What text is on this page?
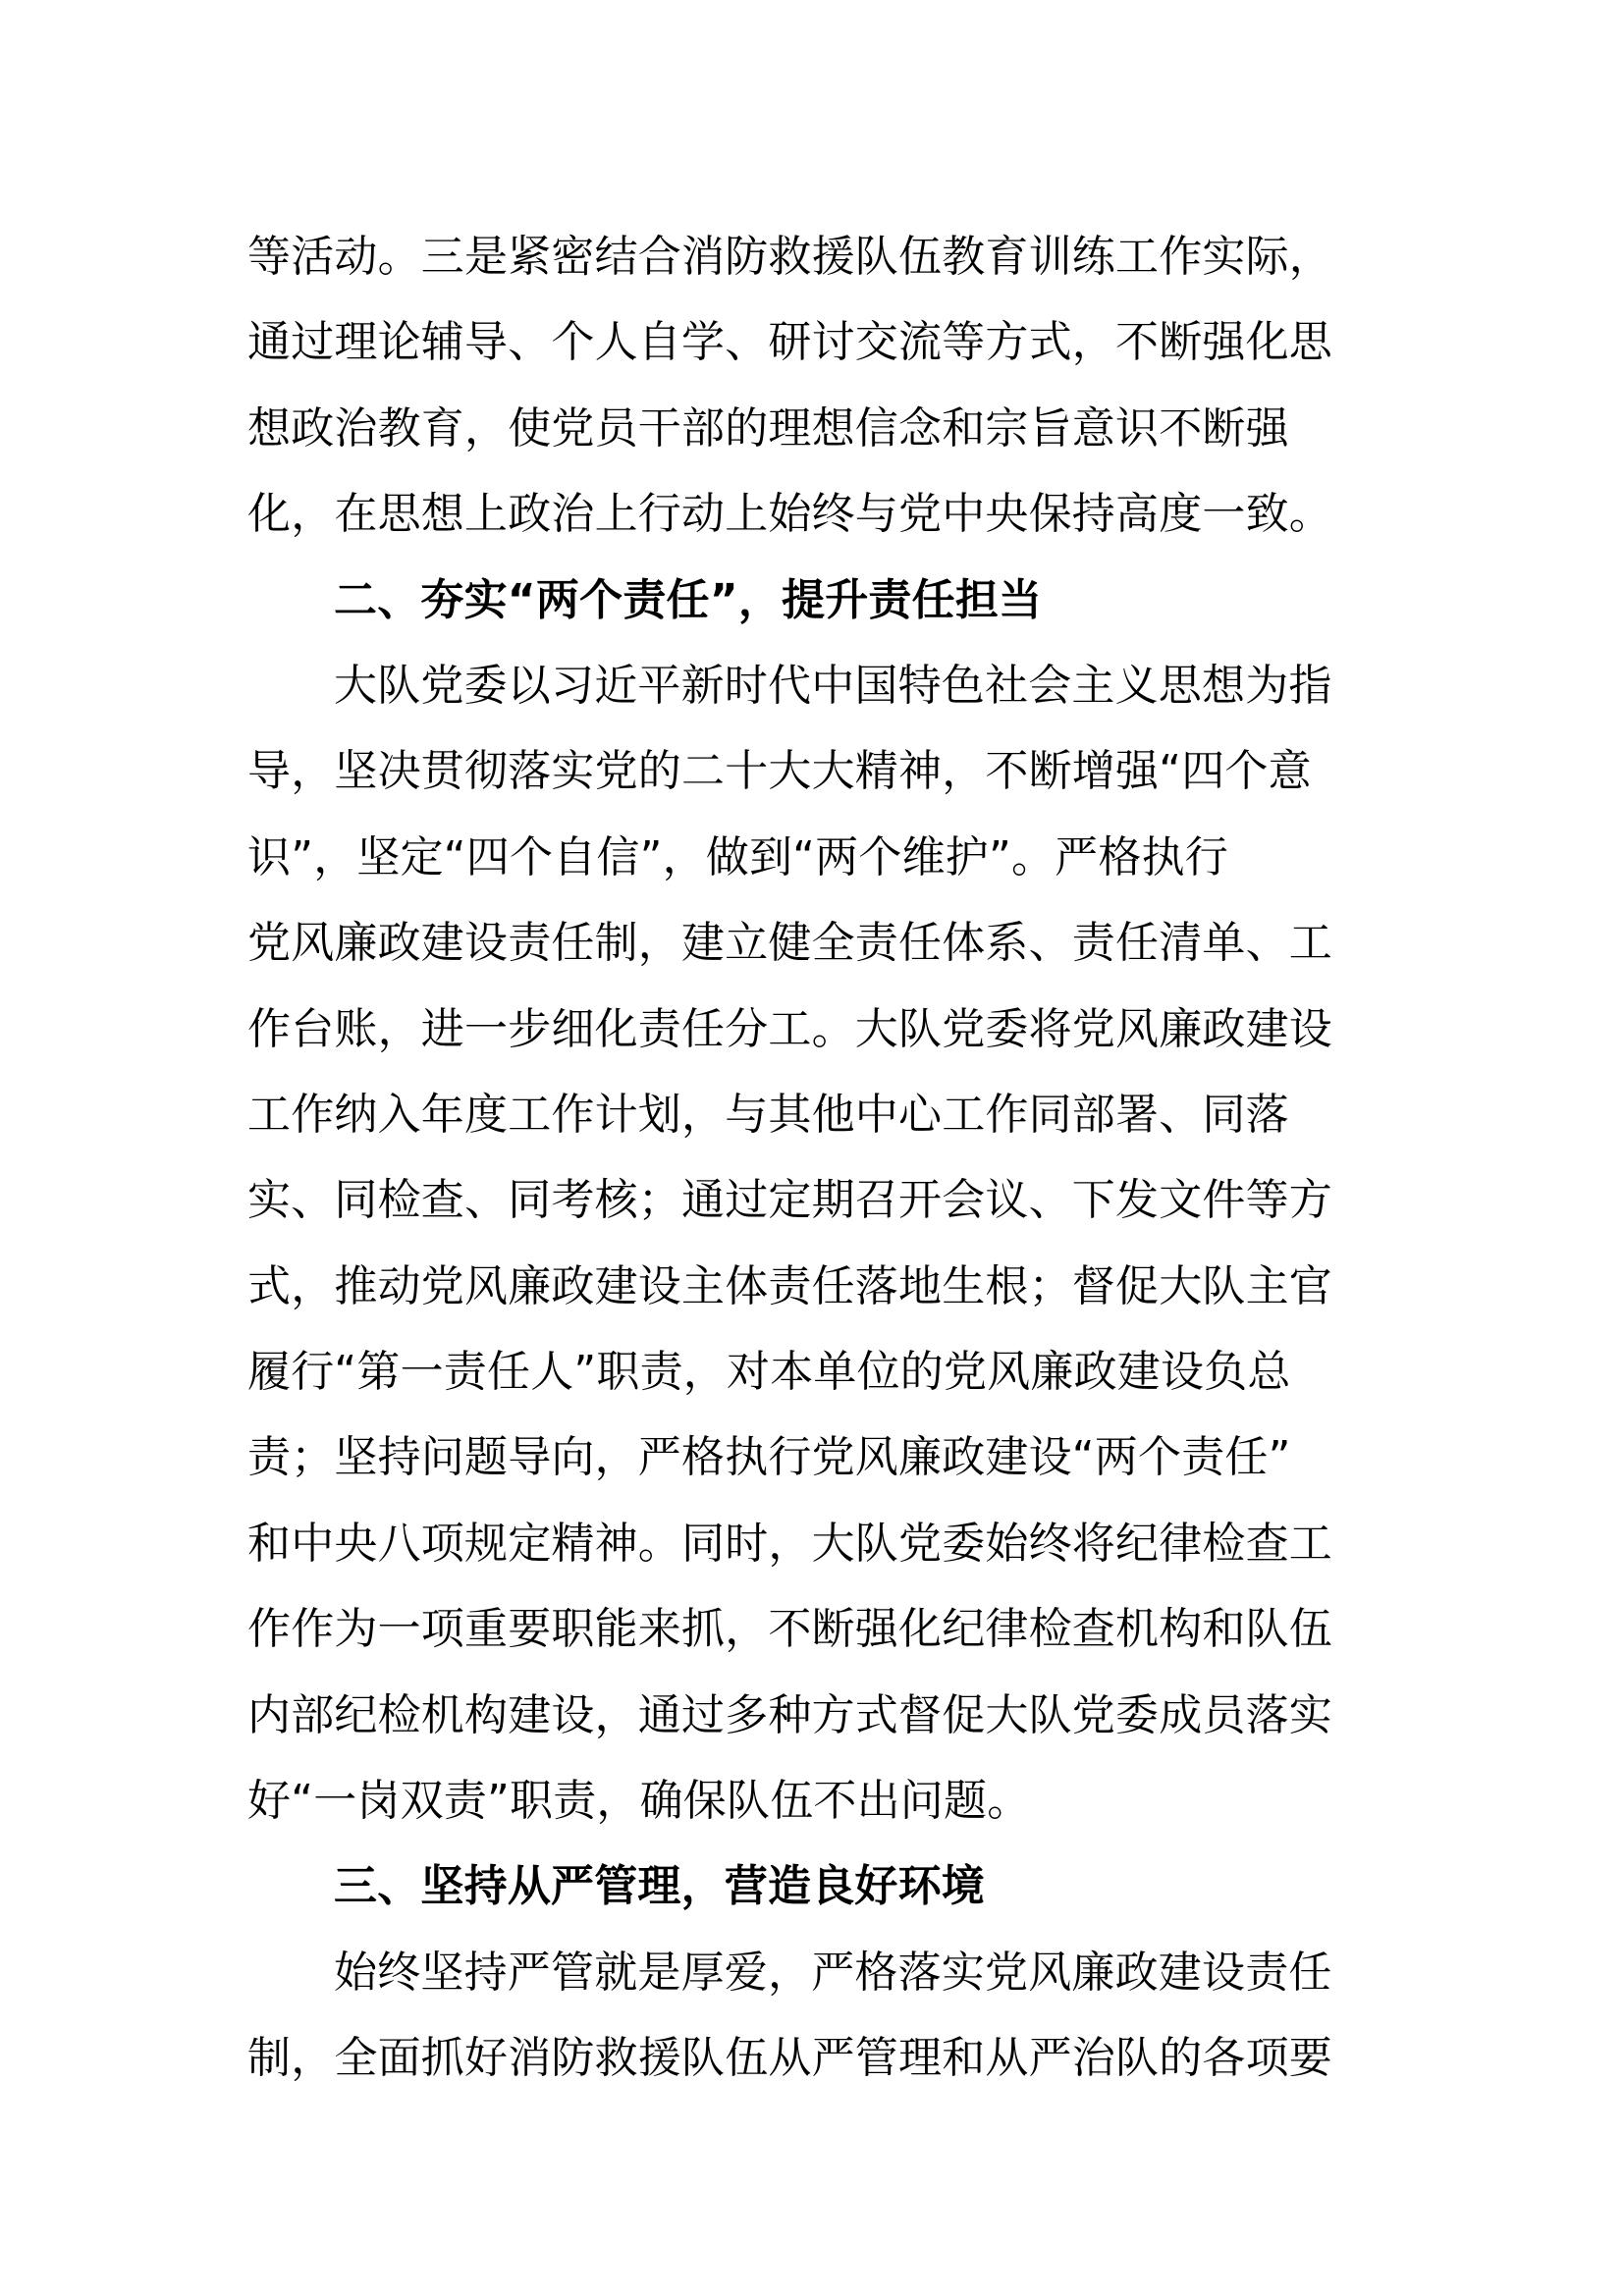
等活动。三是紧密结合消防救援队伍教育训练工作实际，
通过理论辅导、个人自学、研讨交流等方式，不断强化思
想政治教育，使党员干部的理想信念和宗旨意识不断强
化，在思想上政治上行动上始终与党中央保持高度一致。
二、夯实“两个责任”，提升责任担当
大队党委以习近平新时代中国特色社会主义思想为指
导，坚决贯彻落实党的二十大大精神，不断增强“四个意
识”，坚定“四个自信”，做到“两个维护”。严格执行
党风廉政建设责任制，建立健全责任体系、责任清单、工
作台账，进一步细化责任分工。大队党委将党风廉政建设
工作纳入年度工作计划，与其他中心工作同部署、同落
实、同检查、同考核；通过定期召开会议、下发文件等方
式，推动党风廉政建设主体责任落地生根；督促大队主官
履行“第一责任人”职责，对本单位的党风廉政建设负总
责；坚持问题导向，严格执行党风廉政建设“两个责任”
和中央八项规定精神。同时，大队党委始终将纪律检查工
作作为一项重要职能来抓，不断强化纪律检查机构和队伍
内部纪检机构建设，通过多种方式督促大队党委成员落实
好“一岗双责”职责，确保队伍不出问题。
三、坚持从严管理，营造良好环境
始终坚持严管就是厚爱，严格落实党风廉政建设责任
制，全面抓好消防救援队伍从严管理和从严治队的各项要
